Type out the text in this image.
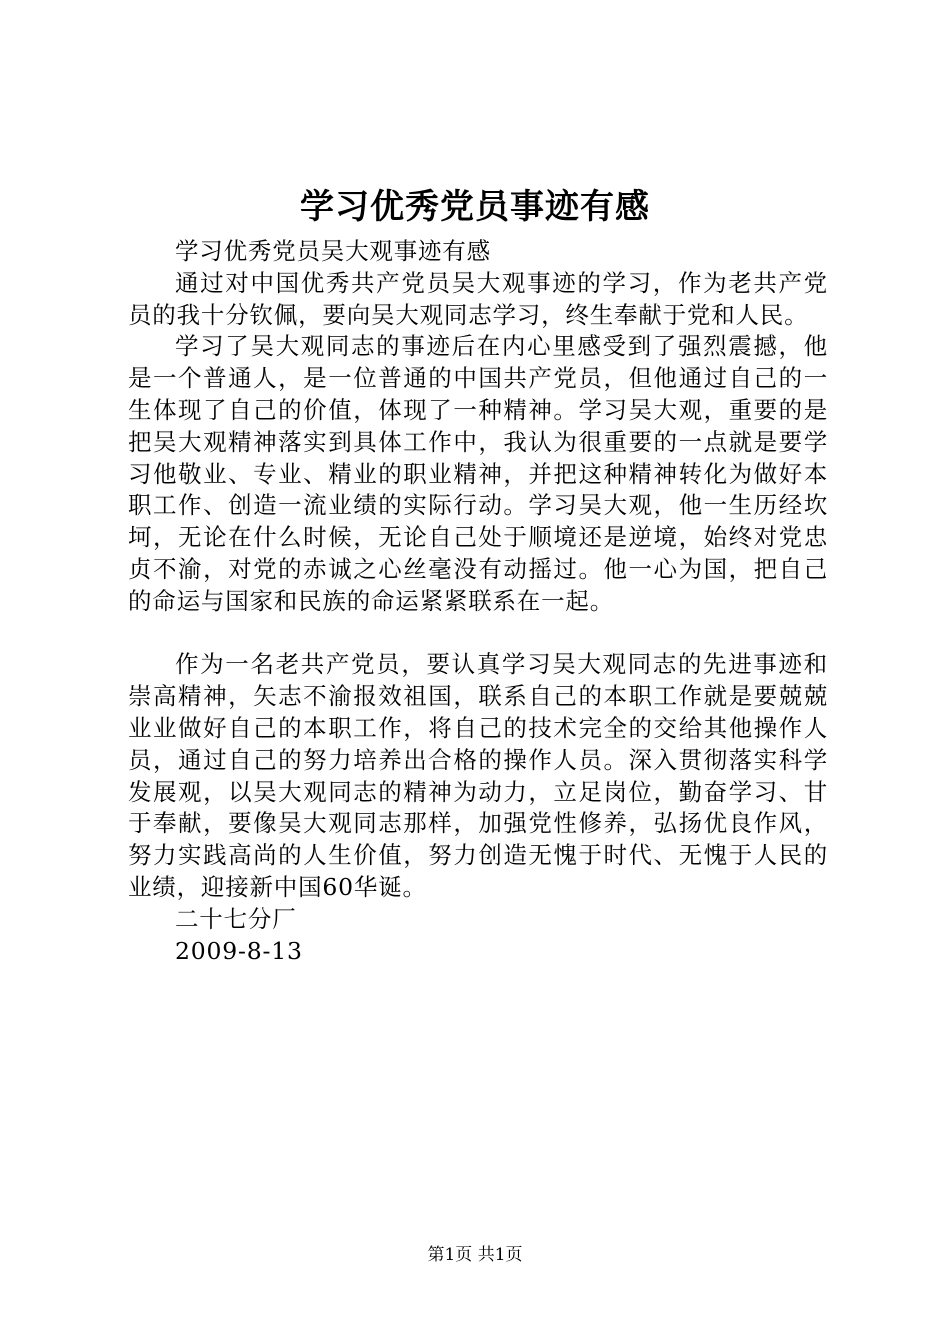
学习优秀党员事迹有感

学习优秀党员吴大观事迹有感

通过对中国优秀共产党员吴大观事迹的学习，作为老共产党员的我十分钦佩，要向吴大观同志学习，终生奉献于党和人民。

学习了吴大观同志的事迹后在内心里感受到了强烈震撼，他是一个普通人，是一位普通的中国共产党员，但他通过自己的一生体现了自己的价值，体现了一种精神。学习吴大观，重要的是把吴大观精神落实到具体工作中，我认为很重要的一点就是要学习他敬业、专业、精业的职业精神，并把这种精神转化为做好本职工作、创造一流业绩的实际行动。学习吴大观，他一生历经坎坷，无论在什么时候，无论自己处于顺境还是逆境，始终对党忠贞不渝，对党的赤诚之心丝毫没有动摇过。他一心为国，把自己的命运与国家和民族的命运紧紧联系在一起。

作为一名老共产党员，要认真学习吴大观同志的先进事迹和崇高精神，矢志不渝报效祖国，联系自己的本职工作就是要兢兢业业做好自己的本职工作，将自己的技术完全的交给其他操作人员，通过自己的努力培养出合格的操作人员。深入贯彻落实科学发展观，以吴大观同志的精神为动力，立足岗位，勤奋学习、甘于奉献，要像吴大观同志那样，加强党性修养，弘扬优良作风，努力实践高尚的人生价值，努力创造无愧于时代、无愧于人民的业绩，迎接新中国60华诞。

二十七分厂

2009-8-13

第1页 共1页
